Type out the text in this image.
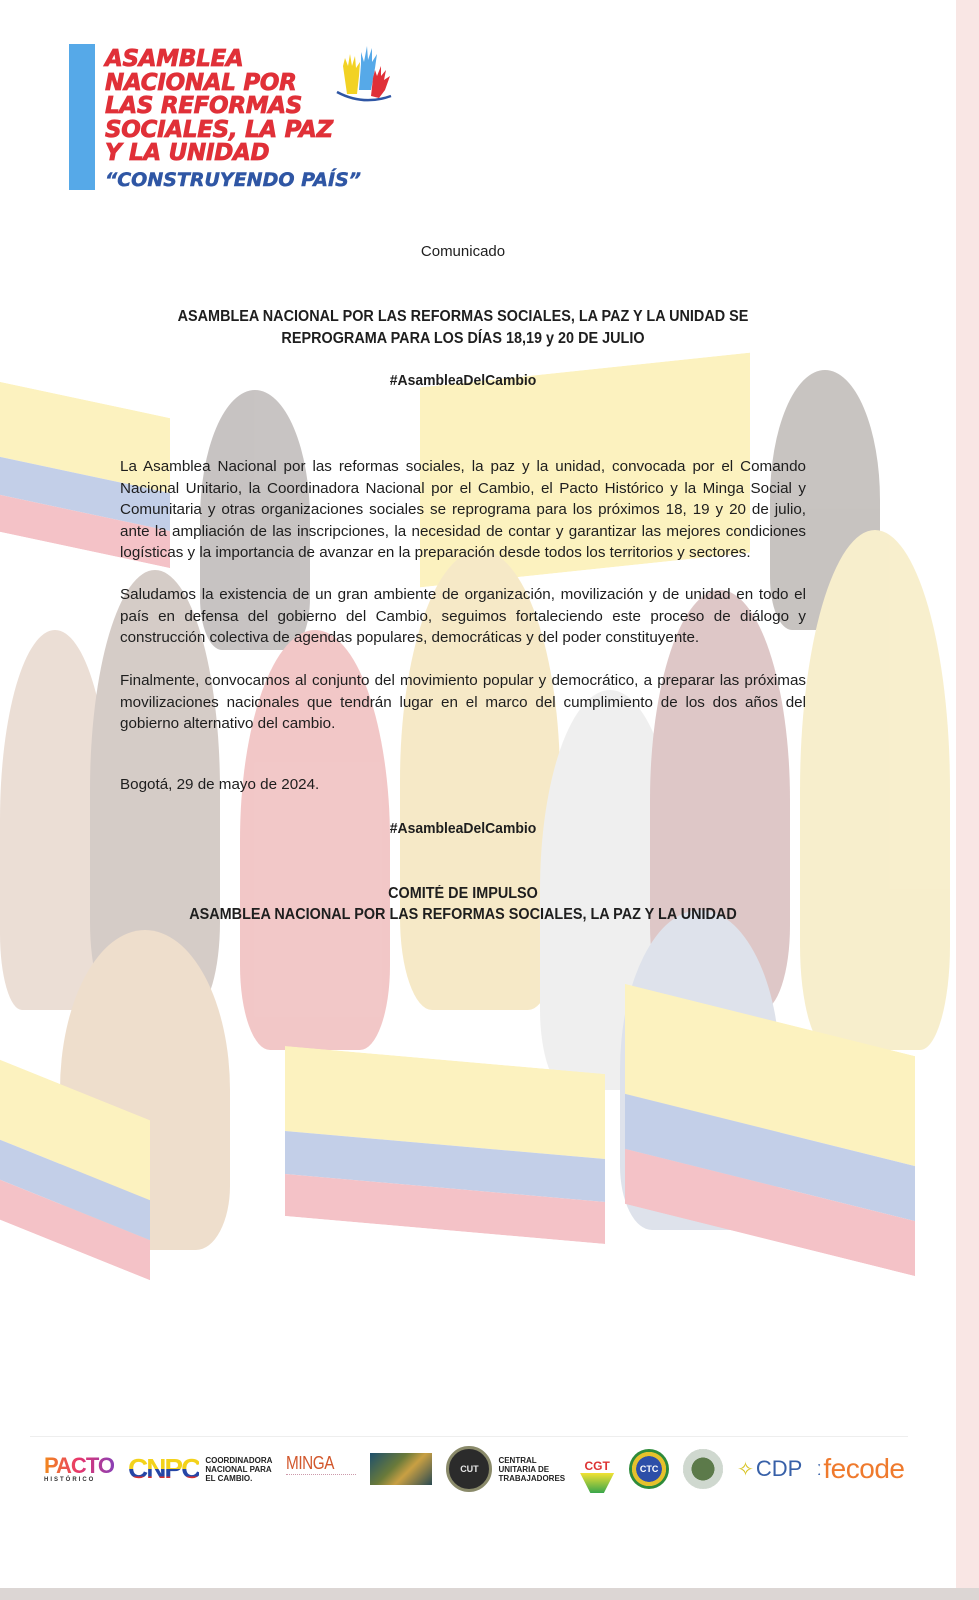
ASAMBLEA
NACIONAL POR
LAS REFORMAS
SOCIALES, LA PAZ
Y LA UNIDAD
“CONSTRUYENDO PAÍS”
Comunicado
ASAMBLEA NACIONAL POR LAS REFORMAS SOCIALES, LA PAZ Y LA UNIDAD SE
REPROGRAMA PARA LOS DÍAS 18,19 y 20 DE JULIO
#AsambleaDelCambio

La Asamblea Nacional por las reformas sociales, la paz y la unidad, convocada por el Comando Nacional Unitario, la Coordinadora Nacional por el Cambio, el Pacto Histórico y la Minga Social y Comunitaria y otras organizaciones sociales se reprograma para los próximos 18, 19 y 20 de julio, ante la ampliación de las inscripciones, la necesidad de contar y garantizar las mejores condiciones logísticas y la importancia de avanzar en la preparación desde todos los territorios y sectores.

Saludamos la existencia de un gran ambiente de organización, movilización y de unidad en todo el país en defensa del gobierno del Cambio, seguimos fortaleciendo este proceso de diálogo y construcción colectiva de agendas populares, democráticas y del poder constituyente.

Finalmente, convocamos al conjunto del movimiento popular y democrático, a preparar las próximas movilizaciones nacionales que tendrán lugar en el marco del cumplimiento de los dos años del gobierno alternativo del cambio.

Bogotá, 29 de mayo de 2024.
#AsambleaDelCambio
COMITÉ DE IMPULSO
ASAMBLEA NACIONAL POR LAS REFORMAS SOCIALES, LA PAZ Y LA UNIDAD
PACTO
HISTÓRICO CNPC COORDINADORA
NACIONAL PARA
EL CAMBIO.
MINGA	CUT
CENTRAL
UNITARIA DE
TRABAJADORES
CGT	CTC	✧ CDP ː fecode
